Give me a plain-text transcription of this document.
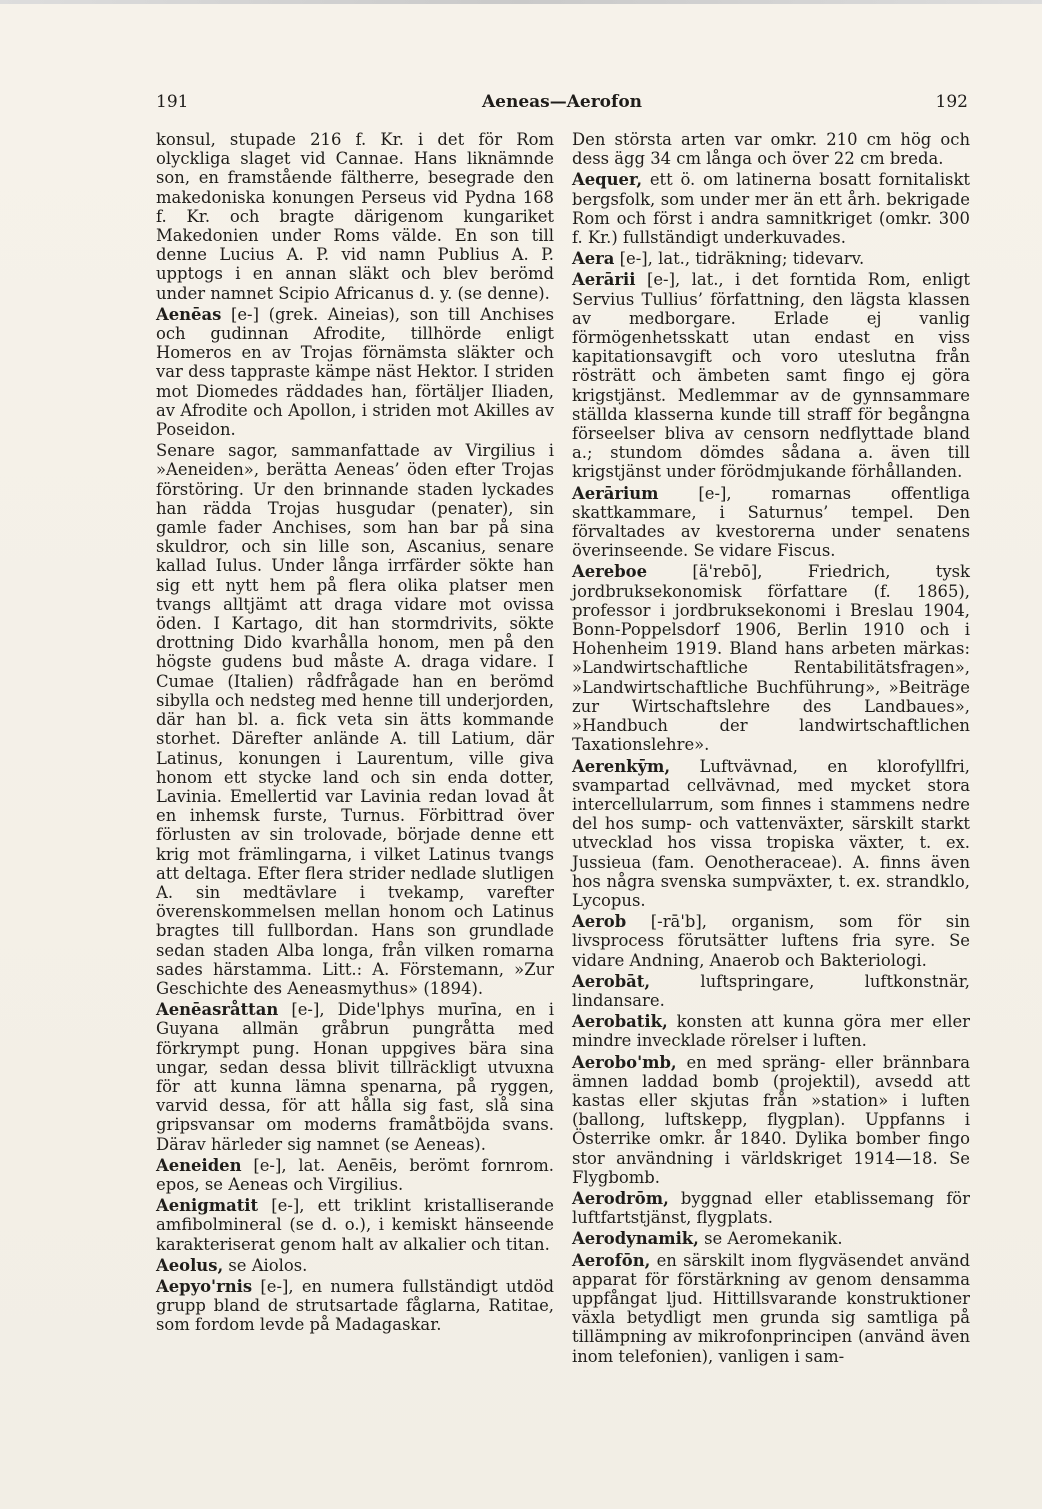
191	Aeneas—Aerofon	192

konsul, stupade 216 f. Kr. i det för Rom olyckliga slaget vid Cannae. Hans liknämnde son, en framstående fältherre, besegrade den makedoniska konungen Perseus vid Pydna 168 f. Kr. och bragte därigenom kungariket Makedonien under Roms välde. En son till denne Lucius A. P. vid namn Publius A. P. upptogs i en annan släkt och blev berömd under namnet Scipio Africanus d. y. (se denne).

Aenēas [e-] (grek. Aineias), son till Anchises och gudinnan Afrodite, tillhörde enligt Homeros en av Trojas förnämsta släkter och var dess tappraste kämpe näst Hektor. I striden mot Diomedes räddades han, förtäljer Iliaden, av Afrodite och Apollon, i striden mot Akilles av Poseidon.

Senare sagor, sammanfattade av Virgilius i »Aeneiden», berätta Aeneas’ öden efter Trojas förstöring. Ur den brinnande staden lyckades han rädda Trojas husgudar (penater), sin gamle fader Anchises, som han bar på sina skuldror, och sin lille son, Ascanius, senare kallad Iulus. Under långa irrfärder sökte han sig ett nytt hem på flera olika platser men tvangs alltjämt att draga vidare mot ovissa öden. I Kartago, dit han stormdrivits, sökte drottning Dido kvarhålla honom, men på den högste gudens bud måste A. draga vidare. I Cumae (Italien) rådfrågade han en berömd sibylla och nedsteg med henne till underjorden, där han bl. a. fick veta sin ätts kommande storhet. Därefter anlände A. till Latium, där Latinus, konungen i Laurentum, ville giva honom ett stycke land och sin enda dotter, Lavinia. Emellertid var Lavinia redan lovad åt en inhemsk furste, Turnus. Förbittrad över förlusten av sin trolovade, började denne ett krig mot främlingarna, i vilket Latinus tvangs att deltaga. Efter flera strider nedlade slutligen A. sin medtävlare i tvekamp, varefter överenskommelsen mellan honom och Latinus bragtes till fullbordan. Hans son grundlade sedan staden Alba longa, från vilken romarna sades härstamma. Litt.: A. Förstemann, »Zur Geschichte des Aeneasmythus» (1894).

Aenēasråttan [e-], Dide'lphys murīna, en i Guyana allmän gråbrun pungråtta med förkrympt pung. Honan uppgives bära sina ungar, sedan dessa blivit tillräckligt utvuxna för att kunna lämna spenarna, på ryggen, varvid dessa, för att hålla sig fast, slå sina gripsvansar om moderns framåtböjda svans. Därav härleder sig namnet (se Aeneas).

Aeneiden [e-], lat. Aenēis, berömt fornrom. epos, se Aeneas och Virgilius.

Aenigmatit [e-], ett triklint kristalliserande amfibolmineral (se d. o.), i kemiskt hänseende karakteriserat genom halt av alkalier och titan.

Aeolus, se Aiolos.

Aepyo'rnis [e-], en numera fullständigt utdöd grupp bland de strutsartade fåglarna, Ratitae, som fordom levde på Madagaskar.

Den största arten var omkr. 210 cm hög och dess ägg 34 cm långa och över 22 cm breda.

Aequer, ett ö. om latinerna bosatt fornitaliskt bergsfolk, som under mer än ett årh. bekrigade Rom och först i andra samnitkriget (omkr. 300 f. Kr.) fullständigt underkuvades.

Aera [e-], lat., tidräkning; tidevarv.

Aerārii [e-], lat., i det forntida Rom, enligt Servius Tullius’ författning, den lägsta klassen av medborgare. Erlade ej vanlig förmögenhetsskatt utan endast en viss kapitationsavgift och voro uteslutna från rösträtt och ämbeten samt fingo ej göra krigstjänst. Medlemmar av de gynnsammare ställda klasserna kunde till straff för begångna förseelser bliva av censorn nedflyttade bland a.; stundom dömdes sådana a. även till krigstjänst under förödmjukande förhållanden.

Aerārium [e-], romarnas offentliga skattkammare, i Saturnus’ tempel. Den förvaltades av kvestorerna under senatens överinseende. Se vidare Fiscus.

Aereboe	[ä'rebō], Friedrich, tysk jordbruksekonomisk författare (f. 1865), professor i jordbruksekonomi i Breslau 1904, Bonn-Poppelsdorf 1906, Berlin 1910 och i Hohenheim 1919. Bland hans arbeten märkas: »Landwirtschaftliche Rentabilitätsfragen», »Landwirtschaftliche Buchführung», »Beiträge zur Wirtschaftslehre des Landbaues», »Handbuch der landwirtschaftlichen Taxationslehre».

Aerenkȳm, Luftvävnad, en klorofyllfri, svampartad cellvävnad, med mycket stora intercellularrum, som finnes i stammens nedre del hos sump- och vattenväxter, särskilt starkt utvecklad hos vissa tropiska växter, t. ex. Jussieua (fam. Oenotheraceae). A. finns även hos några svenska sumpväxter, t. ex. strandklo, Lycopus.

Aerob [-rā'b], organism, som för sin livsprocess förutsätter luftens fria syre. Se vidare Andning, Anaerob och Bakteriologi.

Aerobāt,	luftspringare, luftkonstnär, lindansare.

Aerobatik, konsten att kunna göra mer eller mindre invecklade rörelser i luften.

Aerobo'mb, en med spräng- eller brännbara ämnen laddad bomb (projektil), avsedd att kastas eller skjutas från »station» i luften (ballong, luftskepp, flygplan). Uppfanns i Österrike omkr. år 1840. Dylika bomber fingo stor användning i världskriget 1914—18. Se Flygbomb.

Aerodrōm, byggnad eller etablissemang för luftfartstjänst, flygplats.

Aerodynamik, se Aeromekanik.

Aerofōn, en särskilt inom flygväsendet använd apparat för förstärkning av genom densamma uppfångat ljud. Hittillsvarande konstruktioner växla betydligt men grunda sig samtliga på tillämpning av mikrofonprincipen (använd även inom telefonien), vanligen i sam-
